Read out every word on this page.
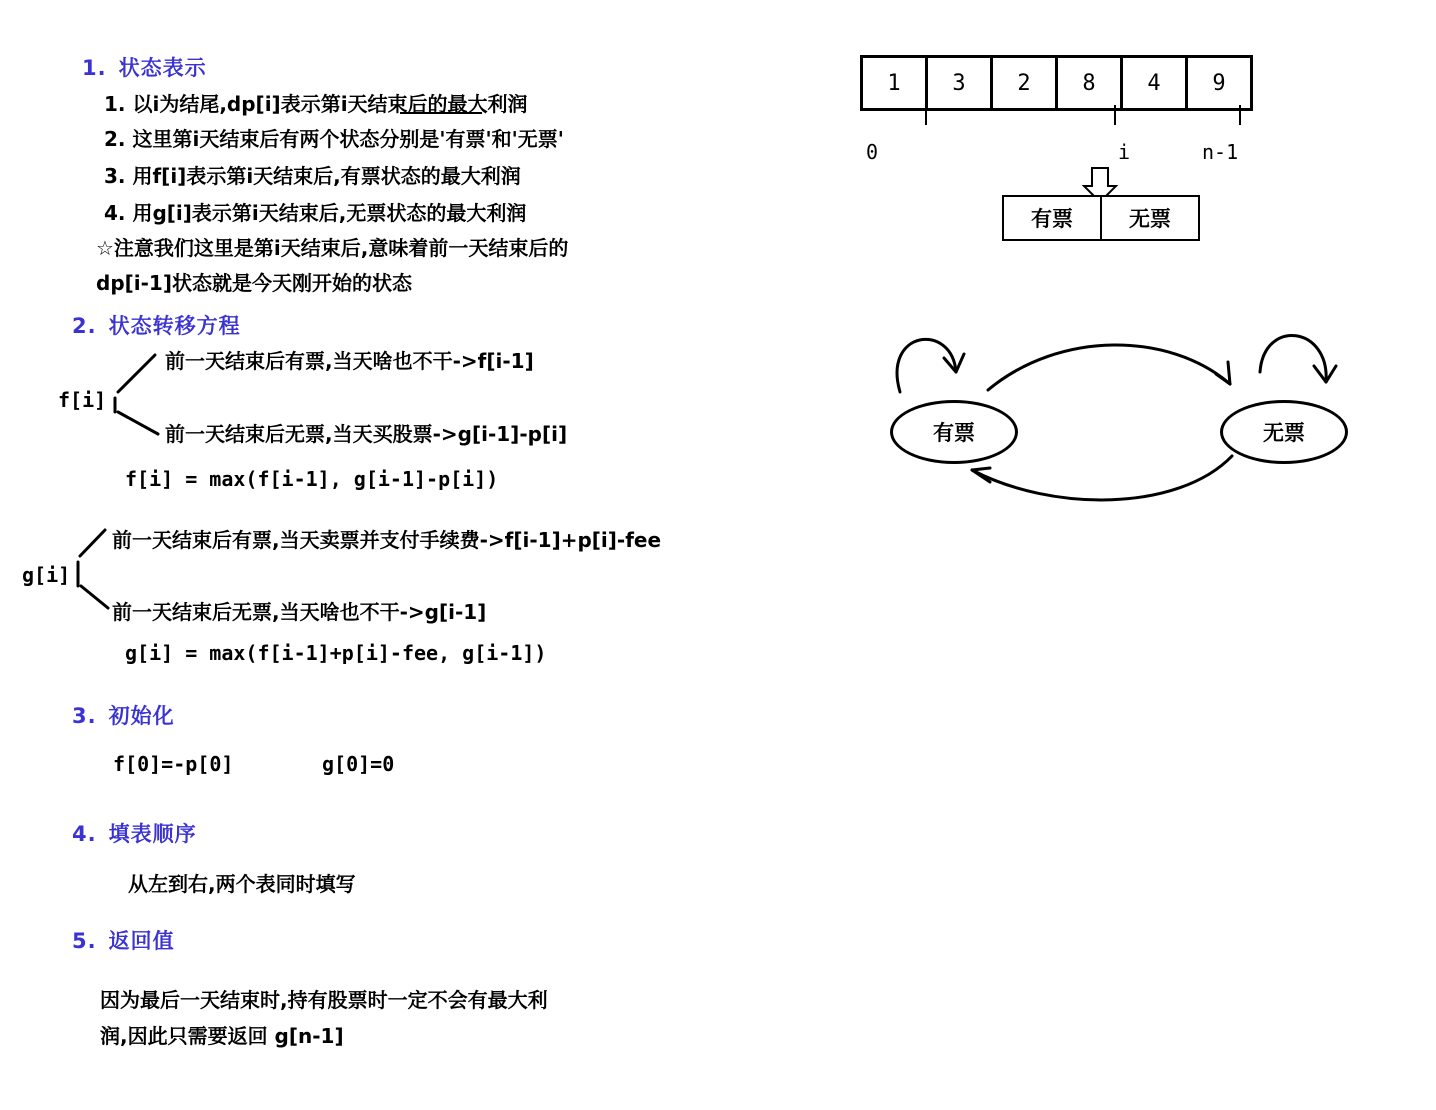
1. 状态表示
1. 以i为结尾,dp[i]表示第i天结束后的最大利润
2. 这里第i天结束后有两个状态分别是'有票'和'无票'
3. 用f[i]表示第i天结束后,有票状态的最大利润
4. 用g[i]表示第i天结束后,无票状态的最大利润
☆注意我们这里是第i天结束后,意味着前一天结束后的
dp[i-1]状态就是今天刚开始的状态
2. 状态转移方程
前一天结束后有票,当天啥也不干->f[i-1]
f[i]
前一天结束后无票,当天买股票->g[i-1]-p[i]
f[i] = max(f[i-1], g[i-1]-p[i])
前一天结束后有票,当天卖票并支付手续费->f[i-1]+p[i]-fee
g[i]
前一天结束后无票,当天啥也不干->g[i-1]
g[i] = max(f[i-1]+p[i]-fee, g[i-1])
3. 初始化
f[0]=-p[0]	g[0]=0
4. 填表顺序
从左到右,两个表同时填写
5. 返回值
因为最后一天结束时,持有股票时一定不会有最大利
润,因此只需要返回 g[n-1]
1	3	2	8	4	9
0	i	n-1
有票	无票
有票	无票
